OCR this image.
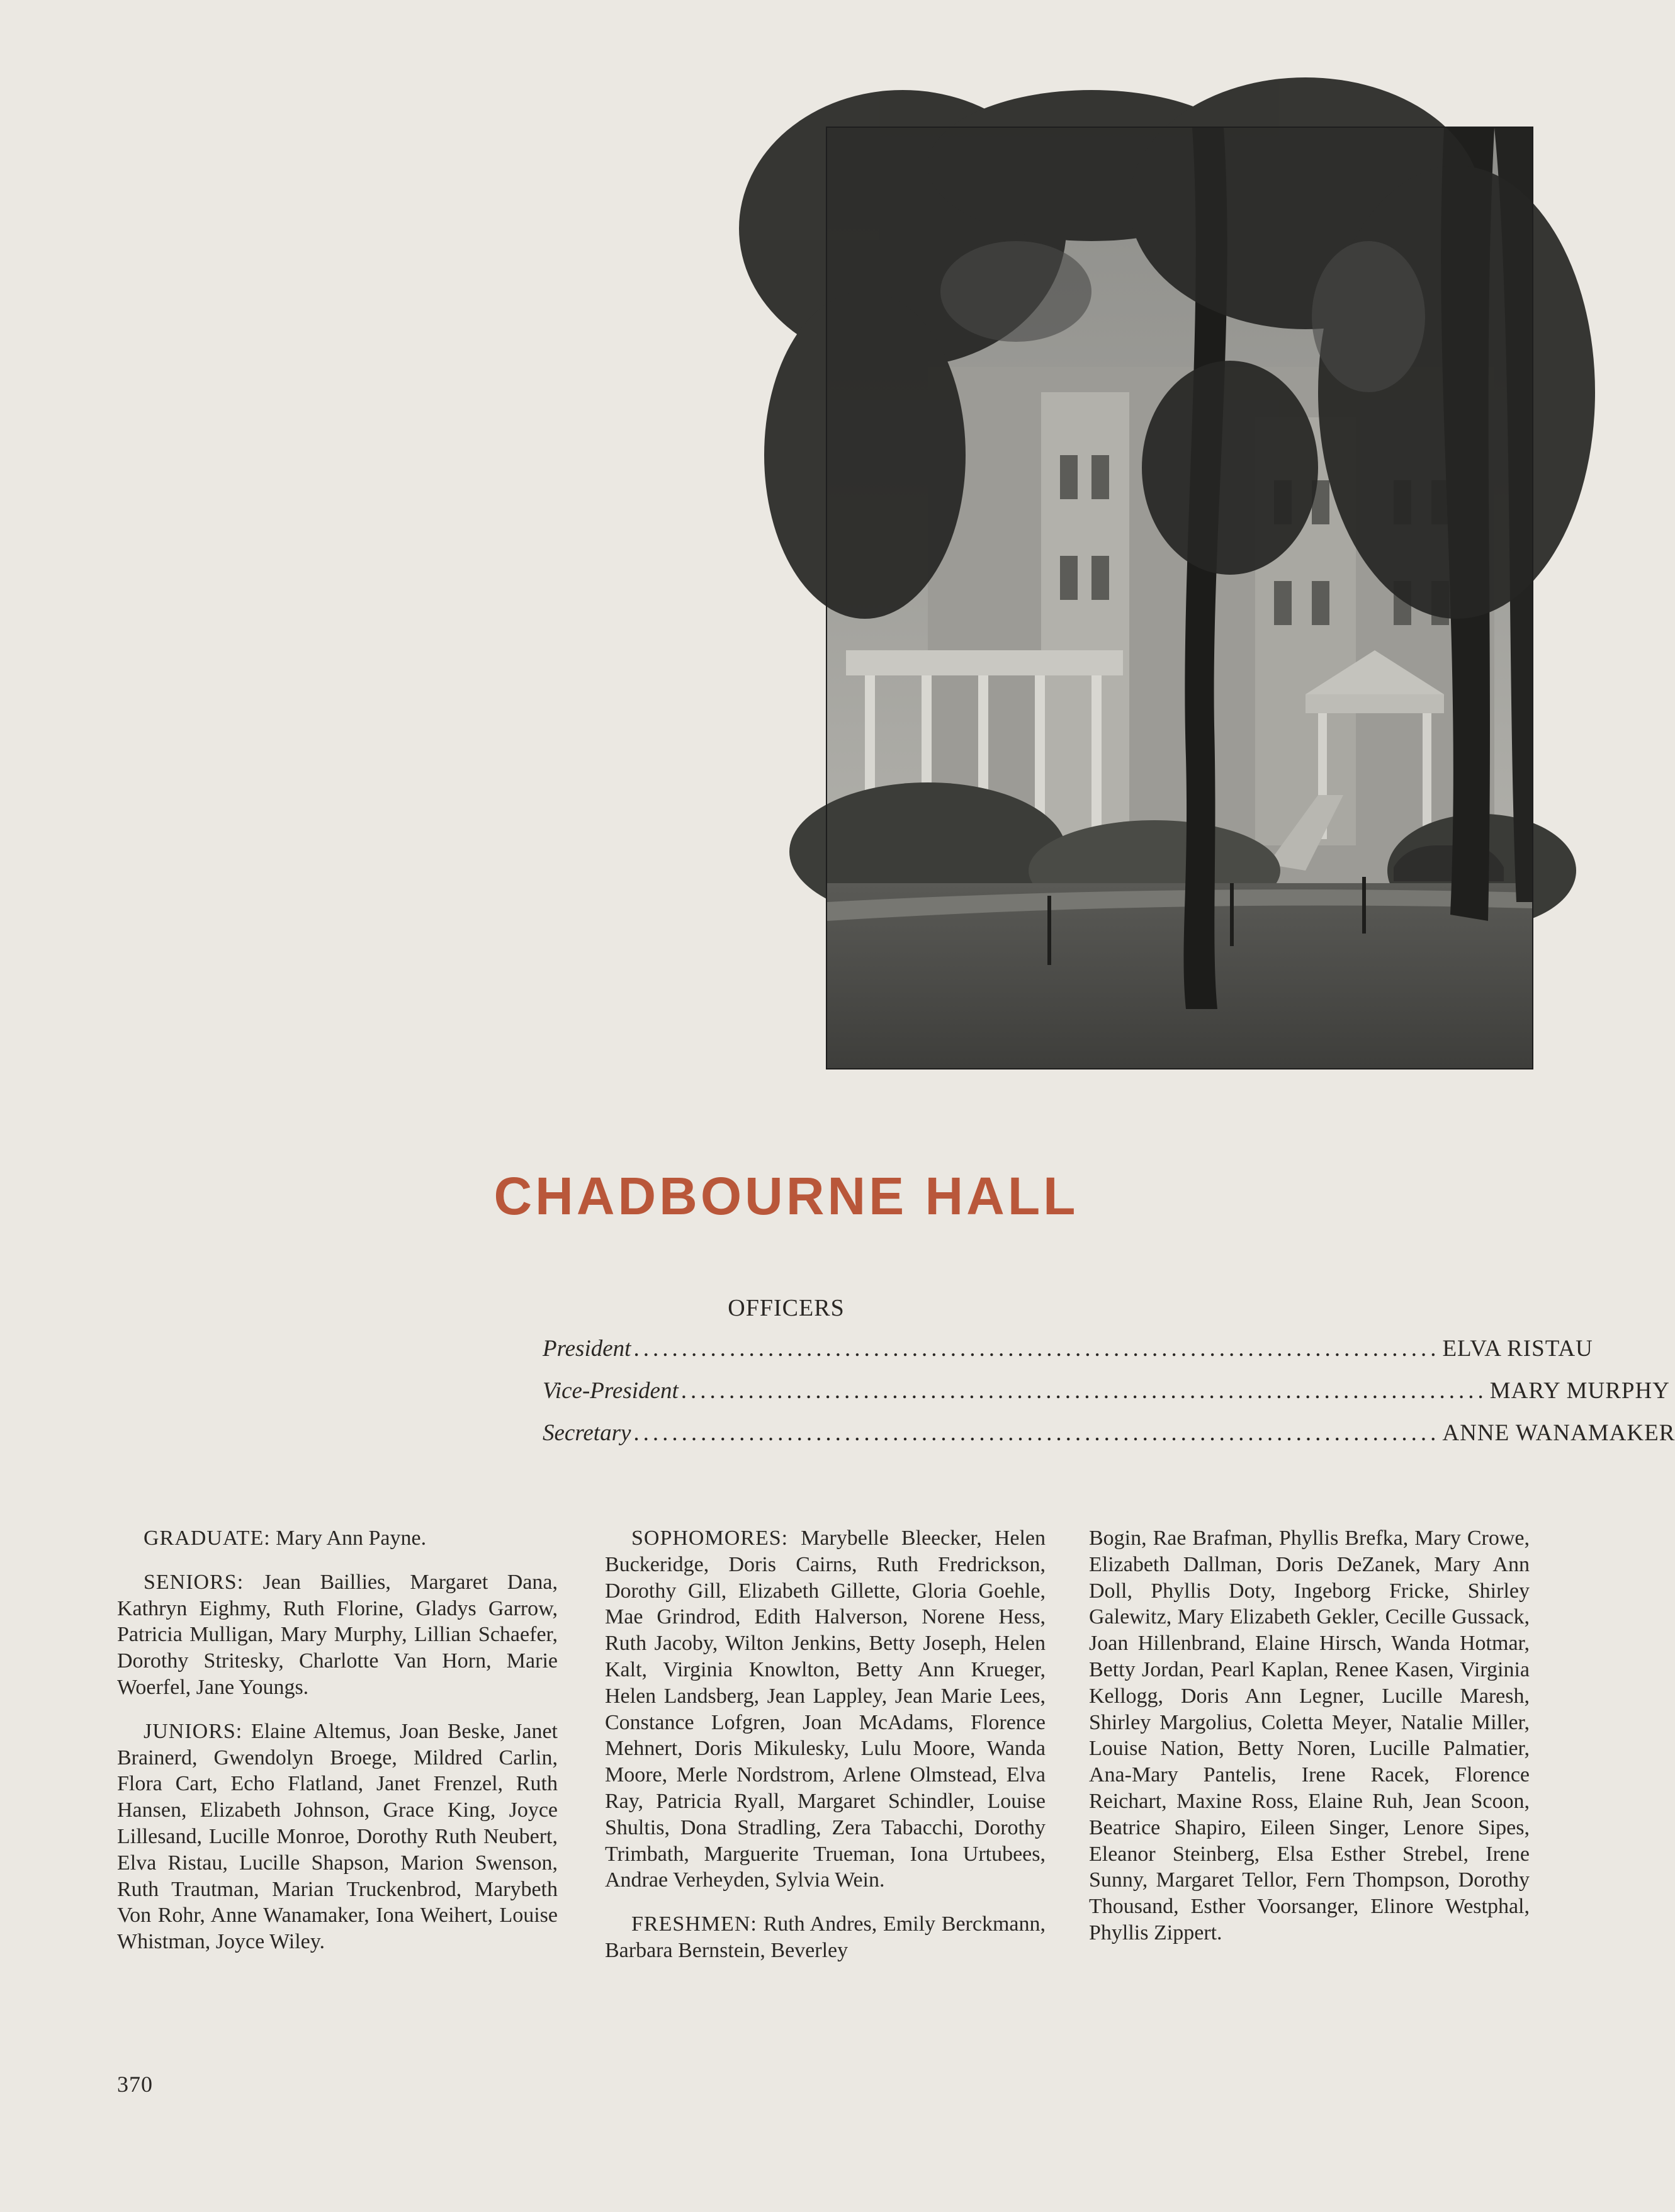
CHADBOURNE HALL
OFFICERS
President .................................................................................... ELVA RISTAU
Vice-President .................................................................................... MARY MURPHY
Secretary .................................................................................... ANNE WANAMAKER

GRADUATE: Mary Ann Payne.

SENIORS: Jean Baillies, Margaret Dana, Kathryn Eighmy, Ruth Florine, Gladys Garrow, Patricia Mulligan, Mary Murphy, Lillian Schaefer, Dorothy Stritesky, Charlotte Van Horn, Marie Woerfel, Jane Youngs.

JUNIORS: Elaine Altemus, Joan Beske, Janet Brainerd, Gwendolyn Broege, Mildred Carlin, Flora Cart, Echo Flatland, Janet Frenzel, Ruth Hansen, Elizabeth Johnson, Grace King, Joyce Lillesand, Lucille Monroe, Dorothy Ruth Neubert, Elva Ristau, Lucille Shapson, Marion Swenson, Ruth Trautman, Marian Truckenbrod, Marybeth Von Rohr, Anne Wanamaker, Iona Weihert, Louise Whistman, Joyce Wiley.

SOPHOMORES: Marybelle Bleecker, Helen Buckeridge, Doris Cairns, Ruth Fredrickson, Dorothy Gill, Elizabeth Gillette, Gloria Goehle, Mae Grindrod, Edith Halverson, Norene Hess, Ruth Jacoby, Wilton Jenkins, Betty Joseph, Helen Kalt, Virginia Knowlton, Betty Ann Krueger, Helen Landsberg, Jean Lappley, Jean Marie Lees, Constance Lofgren, Joan McAdams, Florence Mehnert, Doris Mikulesky, Lulu Moore, Wanda Moore, Merle Nordstrom, Arlene Olmstead, Elva Ray, Patricia Ryall, Margaret Schindler, Louise Shultis, Dona Stradling, Zera Tabacchi, Dorothy Trimbath, Marguerite Trueman, Iona Urtubees, Andrae Verheyden, Sylvia Wein.

FRESHMEN: Ruth Andres, Emily Berckmann, Barbara Bernstein, Beverley

Bogin, Rae Brafman, Phyllis Brefka, Mary Crowe, Elizabeth Dallman, Doris DeZanek, Mary Ann Doll, Phyllis Doty, Ingeborg Fricke, Shirley Galewitz, Mary Elizabeth Gekler, Cecille Gussack, Joan Hillenbrand, Elaine Hirsch, Wanda Hotmar, Betty Jordan, Pearl Kaplan, Renee Kasen, Virginia Kellogg, Doris Ann Legner, Lucille Maresh, Shirley Margolius, Coletta Meyer, Natalie Miller, Louise Nation, Betty Noren, Lucille Palmatier, Ana-Mary Pantelis, Irene Racek, Florence Reichart, Maxine Ross, Elaine Ruh, Jean Scoon, Beatrice Shapiro, Eileen Singer, Lenore Sipes, Eleanor Steinberg, Elsa Esther Strebel, Irene Sunny, Margaret Tellor, Fern Thompson, Dorothy Thousand, Esther Voorsanger, Elinore Westphal, Phyllis Zippert.

370
